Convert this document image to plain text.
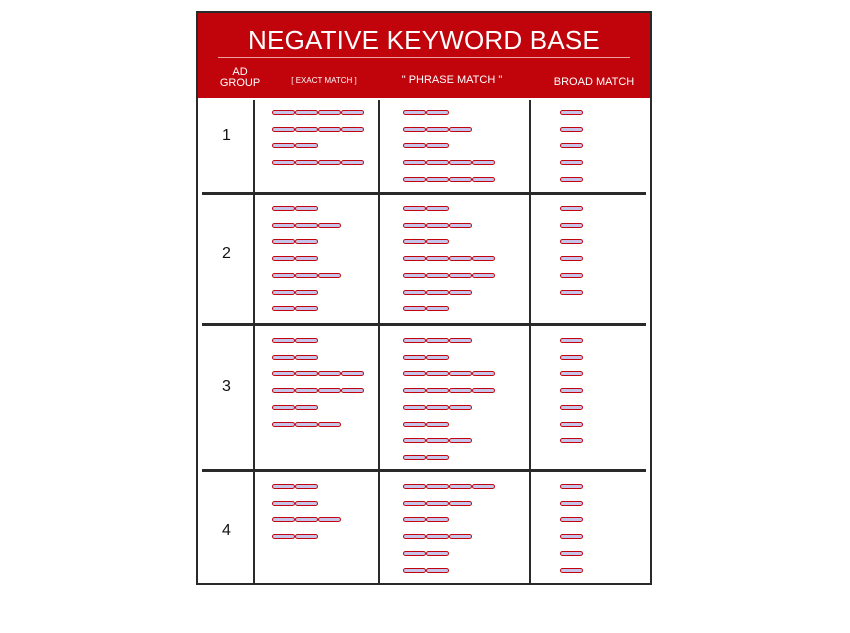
NEGATIVE KEYWORD BASE
AD GROUP	[ EXACT MATCH ]	" PHRASE MATCH "	BROAD MATCH
1
2
3
4
